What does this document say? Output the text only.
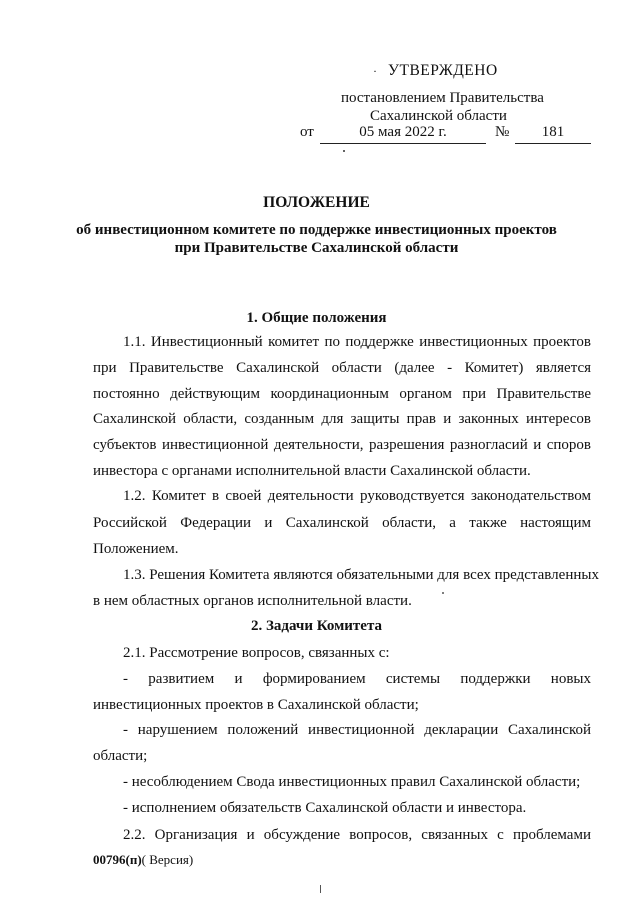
· УТВЕРЖДЕНО
постановлением Правительства
Сахалинской области
от	05 мая 2022 г.	№	181
ПОЛОЖЕНИЕ
об инвестиционном комитете по поддержке инвестиционных проектов
при Правительстве Сахалинской области
1. Общие положения
1.1. Инвестиционный комитет по поддержке инвестиционных проектов
при Правительстве Сахалинской области (далее - Комитет) является
постоянно действующим координационным органом при Правительстве
Сахалинской области, созданным для защиты прав и законных интересов
субъектов инвестиционной деятельности, разрешения разногласий и споров
инвестора с органами исполнительной власти Сахалинской области.
1.2. Комитет в своей деятельности руководствуется законодательством
Российской Федерации и Сахалинской области, а также настоящим
Положением.
1.3. Решения Комитета являются обязательными для всех представленных
в нем областных органов исполнительной власти.
2. Задачи Комитета
2.1. Рассмотрение вопросов, связанных с:
- развитием и формированием системы поддержки новых
инвестиционных проектов в Сахалинской области;
- нарушением положений инвестиционной декларации Сахалинской
области;
- несоблюдением Свода инвестиционных правил Сахалинской области;
- исполнением обязательств Сахалинской области и инвестора.
2.2. Организация и обсуждение вопросов, связанных с проблемами
00796(п)( Версия)
